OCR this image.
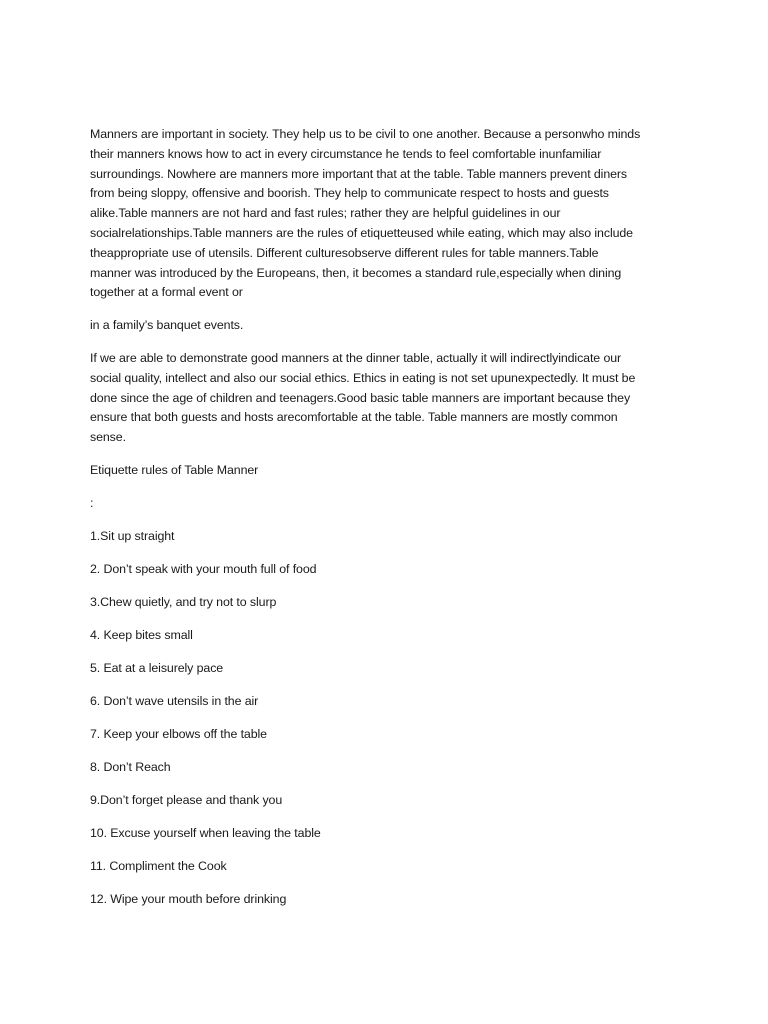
Manners are important in society. They help us to be civil to one another. Because a personwho minds
their manners knows how to act in every circumstance he tends to feel comfortable inunfamiliar
surroundings. Nowhere are manners more important that at the table. Table manners prevent diners
from being sloppy, offensive and boorish. They help to communicate respect to hosts and guests
alike.Table manners are not hard and fast rules; rather they are helpful guidelines in our
socialrelationships.Table manners are the rules of etiquetteused while eating, which may also include
theappropriate use of utensils. Different culturesobserve different rules for table manners.Table
manner was introduced by the Europeans, then, it becomes a standard rule,especially when dining
together at a formal event or
in a family’s banquet events.
If we are able to demonstrate good manners at the dinner table, actually it will indirectlyindicate our
social quality, intellect and also our social ethics. Ethics in eating is not set upunexpectedly. It must be
done since the age of children and teenagers.Good basic table manners are important because they
ensure that both guests and hosts arecomfortable at the table. Table manners are mostly common
sense.
Etiquette rules of Table Manner
:
1.Sit up straight
2. Don’t speak with your mouth full of food
3.Chew quietly, and try not to slurp
4. Keep bites small
5. Eat at a leisurely pace
6. Don’t wave utensils in the air
7. Keep your elbows off the table
8. Don’t Reach
9.Don’t forget please and thank you
10. Excuse yourself when leaving the table
11. Compliment the Cook
12. Wipe your mouth before drinking
